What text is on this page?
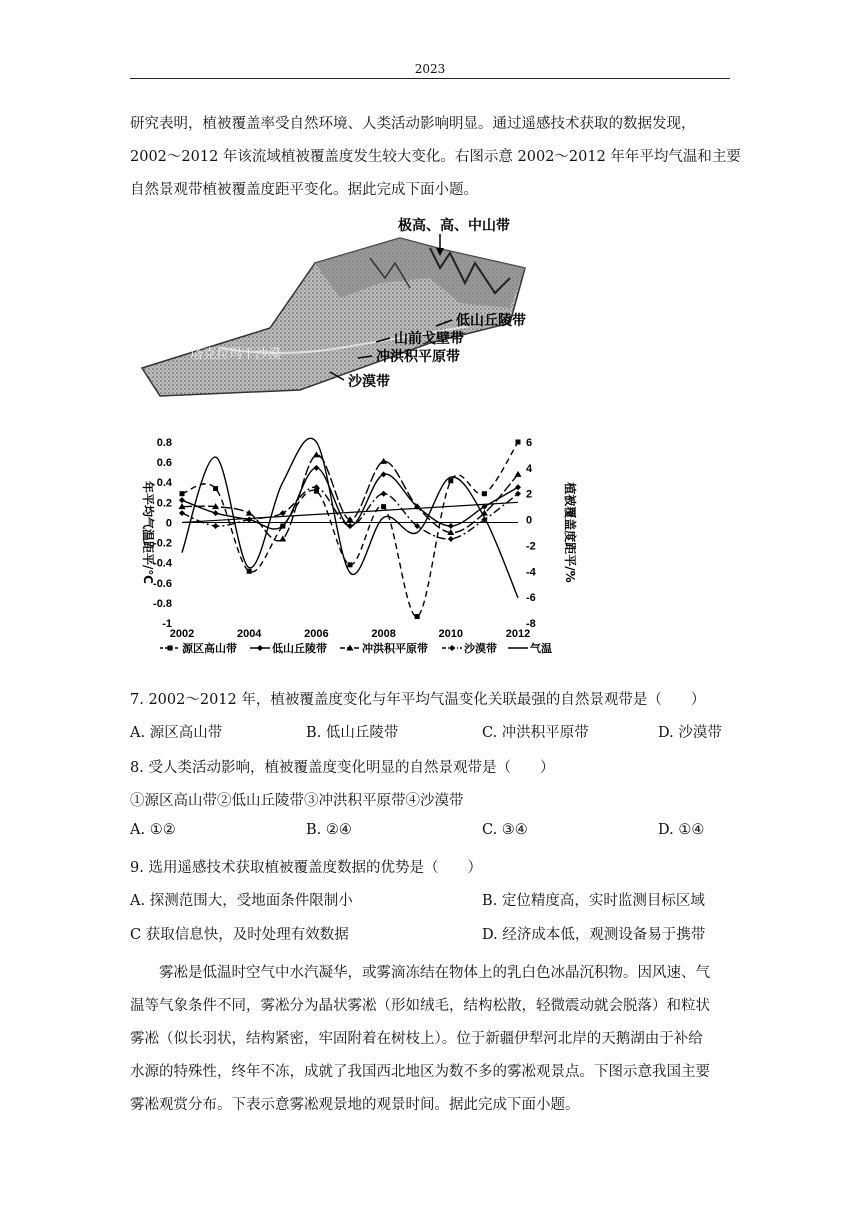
2023
研究表明，植被覆盖率受自然环境、人类活动影响明显。通过遥感技术获取的数据发现，
2002～2012 年该流域植被覆盖度发生较大变化。右图示意 2002～2012 年年平均气温和主要
自然景观带植被覆盖度距平变化。据此完成下面小题。
塔克拉玛干沙漠
极高、高、中山带
低山丘陵带
山前戈壁带
冲洪积平原带
沙漠带
0.8
0.6
0.4
0.2
0
-0.2
-0.4
-0.6
-0.8
-1
6
4
2
0
-2
-4
-6
-8
2002	2004	2006	2008	2010	2012
年平均气温距平/℃	植被覆盖度距平/%
源区高山带	低山丘陵带	冲洪积平原带	沙漠带	气温
7. 2002～2012 年，植被覆盖度变化与年平均气温变化关联最强的自然景观带是（　　）
A. 源区高山带	B. 低山丘陵带	C. 冲洪积平原带	D. 沙漠带
8. 受人类活动影响，植被覆盖度变化明显的自然景观带是（　　）
①源区高山带②低山丘陵带③冲洪积平原带④沙漠带
A. ①②	B. ②④	C. ③④	D. ①④
9. 选用遥感技术获取植被覆盖度数据的优势是（　　）
A. 探测范围大，受地面条件限制小	B. 定位精度高，实时监测目标区域
C 获取信息快，及时处理有效数据	D. 经济成本低，观测设备易于携带
　　雾凇是低温时空气中水汽凝华，或雾滴冻结在物体上的乳白色冰晶沉积物。因风速、气
温等气象条件不同，雾凇分为晶状雾凇（形如绒毛，结构松散，轻微震动就会脱落）和粒状
雾凇（似长羽状，结构紧密，牢固附着在树枝上）。位于新疆伊犁河北岸的天鹅湖由于补给
水源的特殊性，终年不冻，成就了我国西北地区为数不多的雾凇观景点。下图示意我国主要
雾凇观赏分布。下表示意雾凇观景地的观景时间。据此完成下面小题。
